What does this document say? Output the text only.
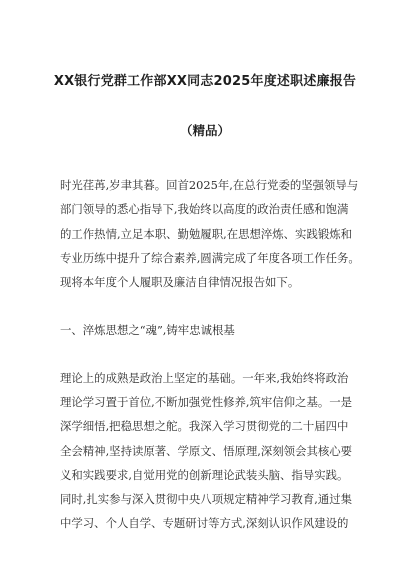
XX银行党群工作部XX同志2025年度述职述廉报告
（精品）
时光荏苒,岁聿其暮。回首2025年,在总行党委的坚强领导与
部门领导的悉心指导下,我始终以高度的政治责任感和饱满
的工作热情,立足本职、勤勉履职,在思想淬炼、实践锻炼和
专业历练中提升了综合素养,圆满完成了年度各项工作任务。
现将本年度个人履职及廉洁自律情况报告如下。
一、淬炼思想之“魂”,铸牢忠诚根基
理论上的成熟是政治上坚定的基础。一年来,我始终将政治
理论学习置于首位,不断加强党性修养,筑牢信仰之基。一是
深学细悟,把稳思想之舵。我深入学习贯彻党的二十届四中
全会精神,坚持读原著、学原文、悟原理,深刻领会其核心要
义和实践要求,自觉用党的创新理论武装头脑、指导实践。
同时,扎实参与深入贯彻中央八项规定精神学习教育,通过集
中学习、个人自学、专题研讨等方式,深刻认识作风建设的
